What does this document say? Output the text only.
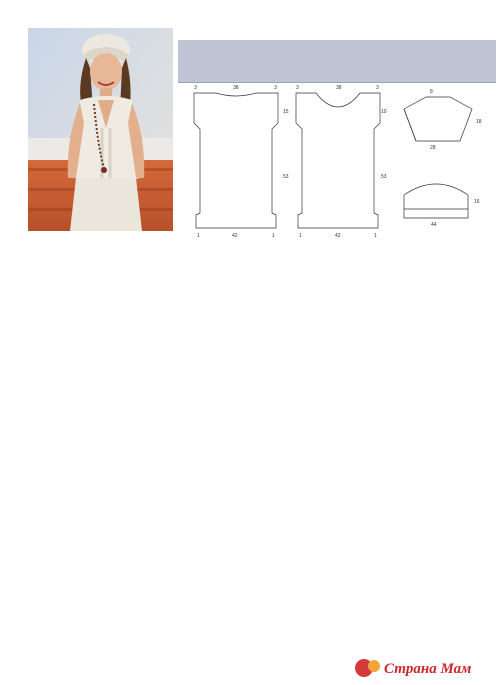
3	38	3	3	38	3
1	42	1	1	42	1
15
53
10
53
8
18
28
16
44
Страна Мам
